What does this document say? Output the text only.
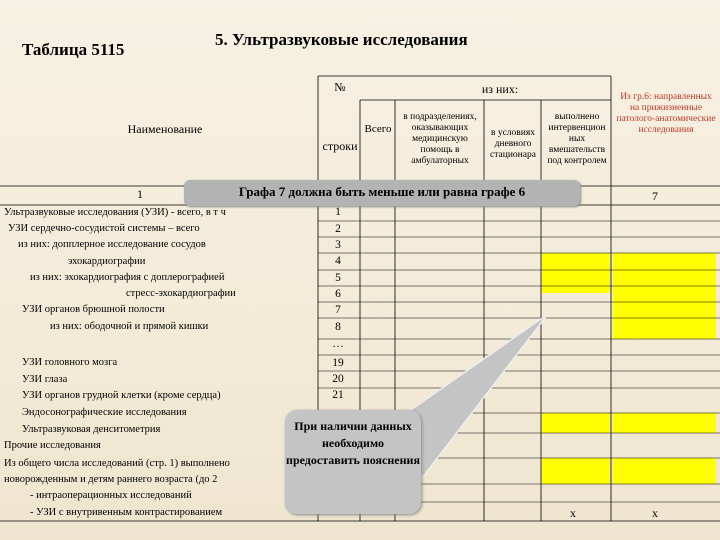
Таблица 5115
5. Ультразвуковые исследования
№
строки
Наименование
из них:
Всего
в подразделениях, оказывающих медицинскую помощь в амбулаторных
в условиях дневного стационара
выполнено интервенцион ных вмешательств под контролем
Из гр.6: направленных на прижизненные патолого-анатомические исследования
1	7
Ультразвуковые исследования (УЗИ) - всего, в т ч
УЗИ сердечно-сосудистой системы – всего
из них: допплерное исследование сосудов
эхокардиографии
из них: эхокардиография с доплерографией
стресс-эхокардиографии
УЗИ органов брюшной полости
из них: ободочной и прямой кишки
УЗИ головного мозга
УЗИ глаза
УЗИ органов грудной клетки (кроме сердца)
Эндосонографические исследования
Ультразвуковая денситометрия
Прочие исследования
Из общего числа исследований (стр. 1) выполнено
новорожденным и детям раннего возраста (до 2
- интраоперационных исследований
- УЗИ с внутривенным контрастированием
1
2
3
4
5
6
7
8
…
19
20
21
x	x
Графа 7 должна быть меньше или равна графе 6
При наличии данных необходимо предоставить пояснения
